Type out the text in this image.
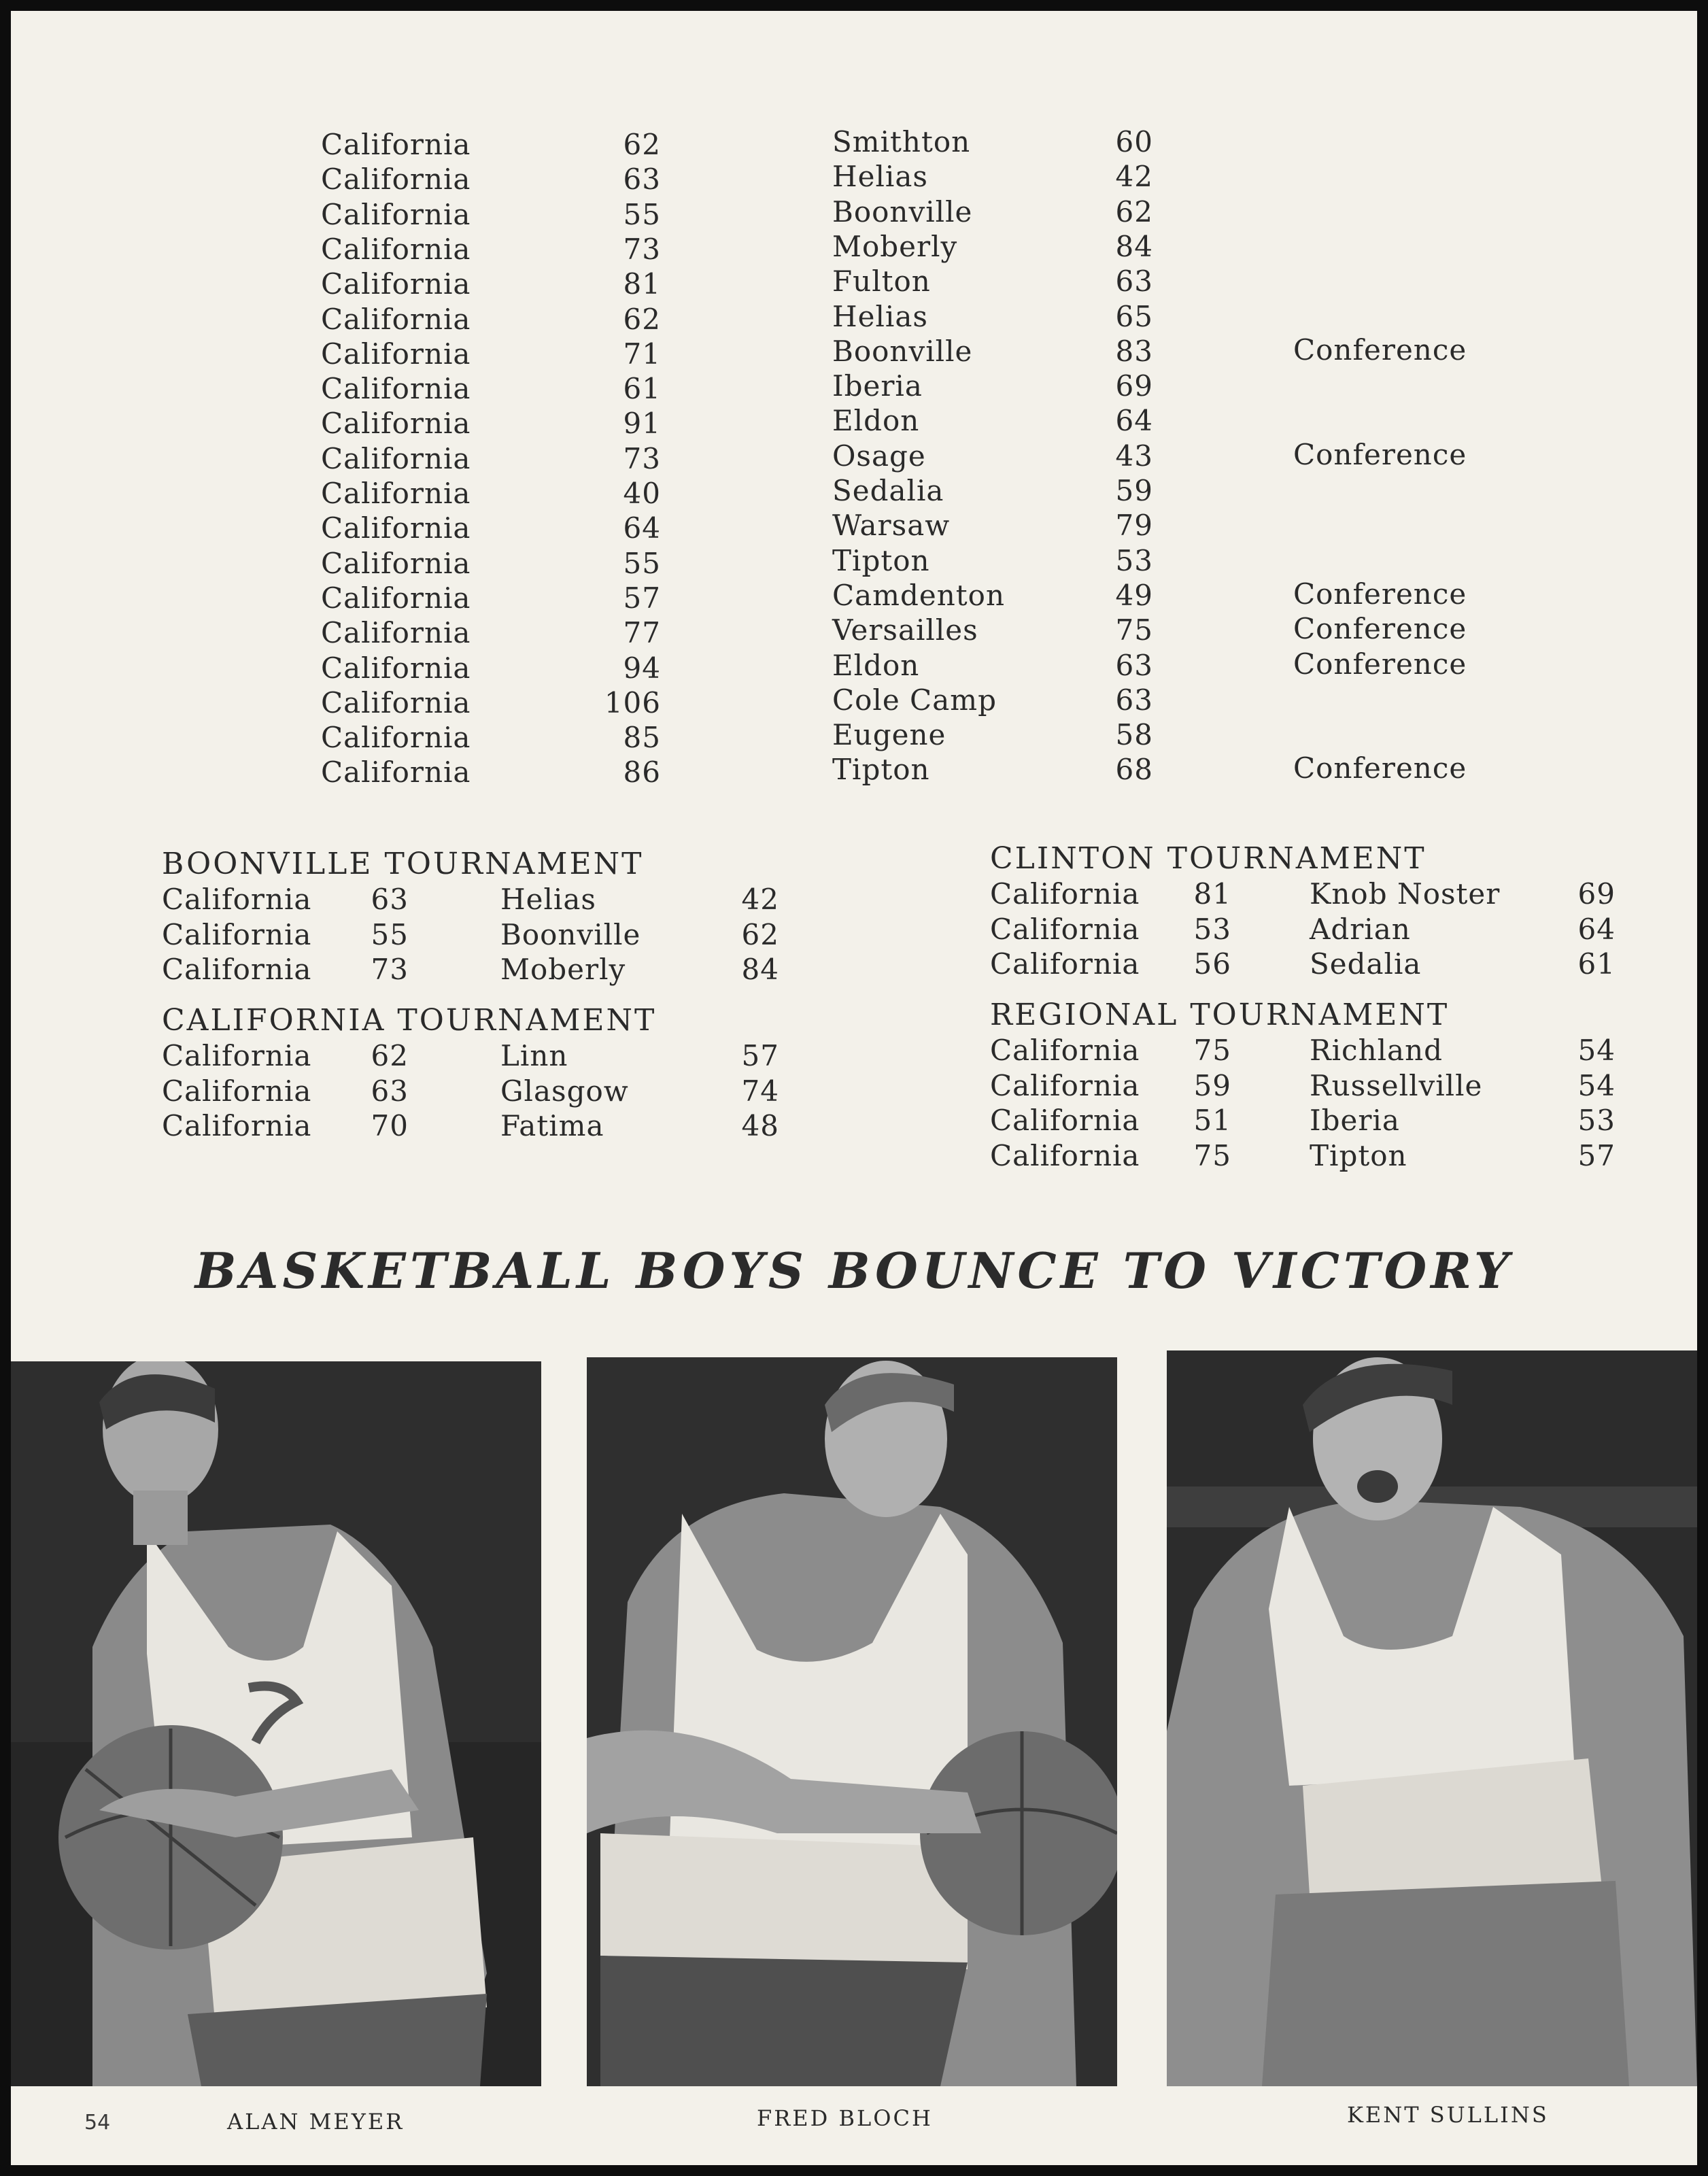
California	62	Smithton	60
California	63	Helias	42
California	55	Boonville	62
California	73	Moberly	84
California	81	Fulton	63
California	62	Helias	65
California	71	Boonville	83	Conference
California	61	Iberia	69
California	91	Eldon	64
California	73	Osage	43	Conference
California	40	Sedalia	59
California	64	Warsaw	79
California	55	Tipton	53
California	57	Camdenton	49	Conference
California	77	Versailles	75	Conference
California	94	Eldon	63	Conference
California	106	Cole Camp	63
California	85	Eugene	58
California	86	Tipton	68	Conference
BOONVILLE TOURNAMENT
California	63	Helias	42
California	55	Boonville	62
California	73	Moberly	84
CALIFORNIA TOURNAMENT
California	62	Linn	57
California	63	Glasgow	74
California	70	Fatima	48
CLINTON TOURNAMENT
California	81	Knob Noster	69
California	53	Adrian	64
California	56	Sedalia	61
REGIONAL TOURNAMENT
California	75	Richland	54
California	59	Russellville	54
California	51	Iberia	53
California	75	Tipton	57
BASKETBALL BOYS BOUNCE TO VICTORY
ALAN MEYER	FRED BLOCH	KENT SULLINS
54
